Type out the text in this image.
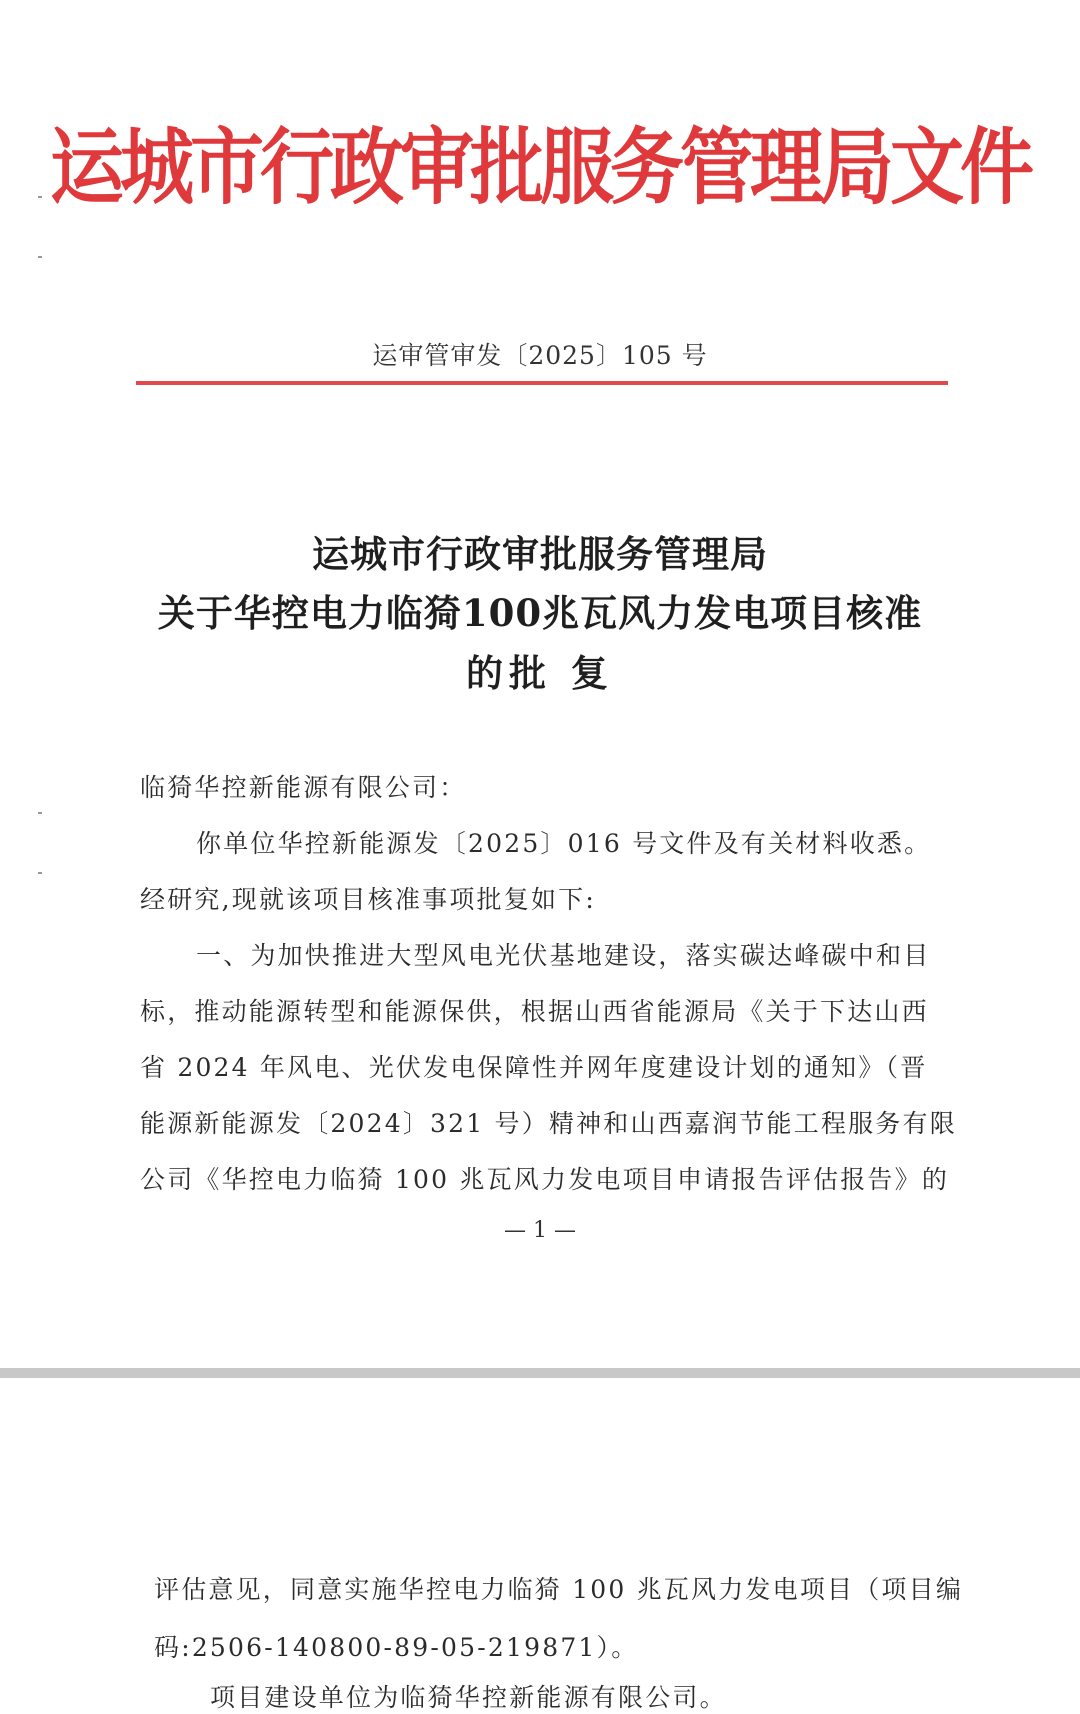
运城市行政审批服务管理局文件
运审管审发〔2025〕105 号
运城市行政审批服务管理局
关于华控电力临猗100兆瓦风力发电项目核准
的批 复
临猗华控新能源有限公司：
你单位华控新能源发〔2025〕016 号文件及有关材料收悉。
经研究,现就该项目核准事项批复如下:
一、为加快推进大型风电光伏基地建设，落实碳达峰碳中和目
标，推动能源转型和能源保供，根据山西省能源局《关于下达山西
省 2024 年风电、光伏发电保障性并网年度建设计划的通知》（晋
能源新能源发〔2024〕321 号）精神和山西嘉润节能工程服务有限
公司《华控电力临猗 100 兆瓦风力发电项目申请报告评估报告》的
— 1 —
评估意见，同意实施华控电力临猗 100 兆瓦风力发电项目（项目编
码:2506-140800-89-05-219871）。
项目建设单位为临猗华控新能源有限公司。
